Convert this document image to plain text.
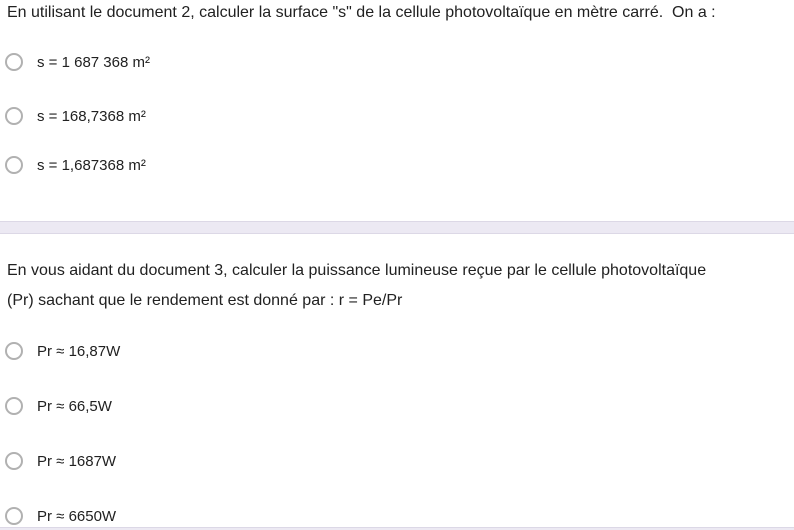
En utilisant le document 2, calculer la surface "s" de la cellule photovoltaïque en mètre carré.  On a :
s = 1 687 368 m²
s = 168,7368 m²
s = 1,687368 m²
En vous aidant du document 3, calculer la puissance lumineuse reçue par le cellule photovoltaïque (Pr) sachant que le rendement est donné par : r = Pe/Pr
Pr ≈ 16,87W
Pr ≈ 66,5W
Pr ≈ 1687W
Pr ≈ 6650W
